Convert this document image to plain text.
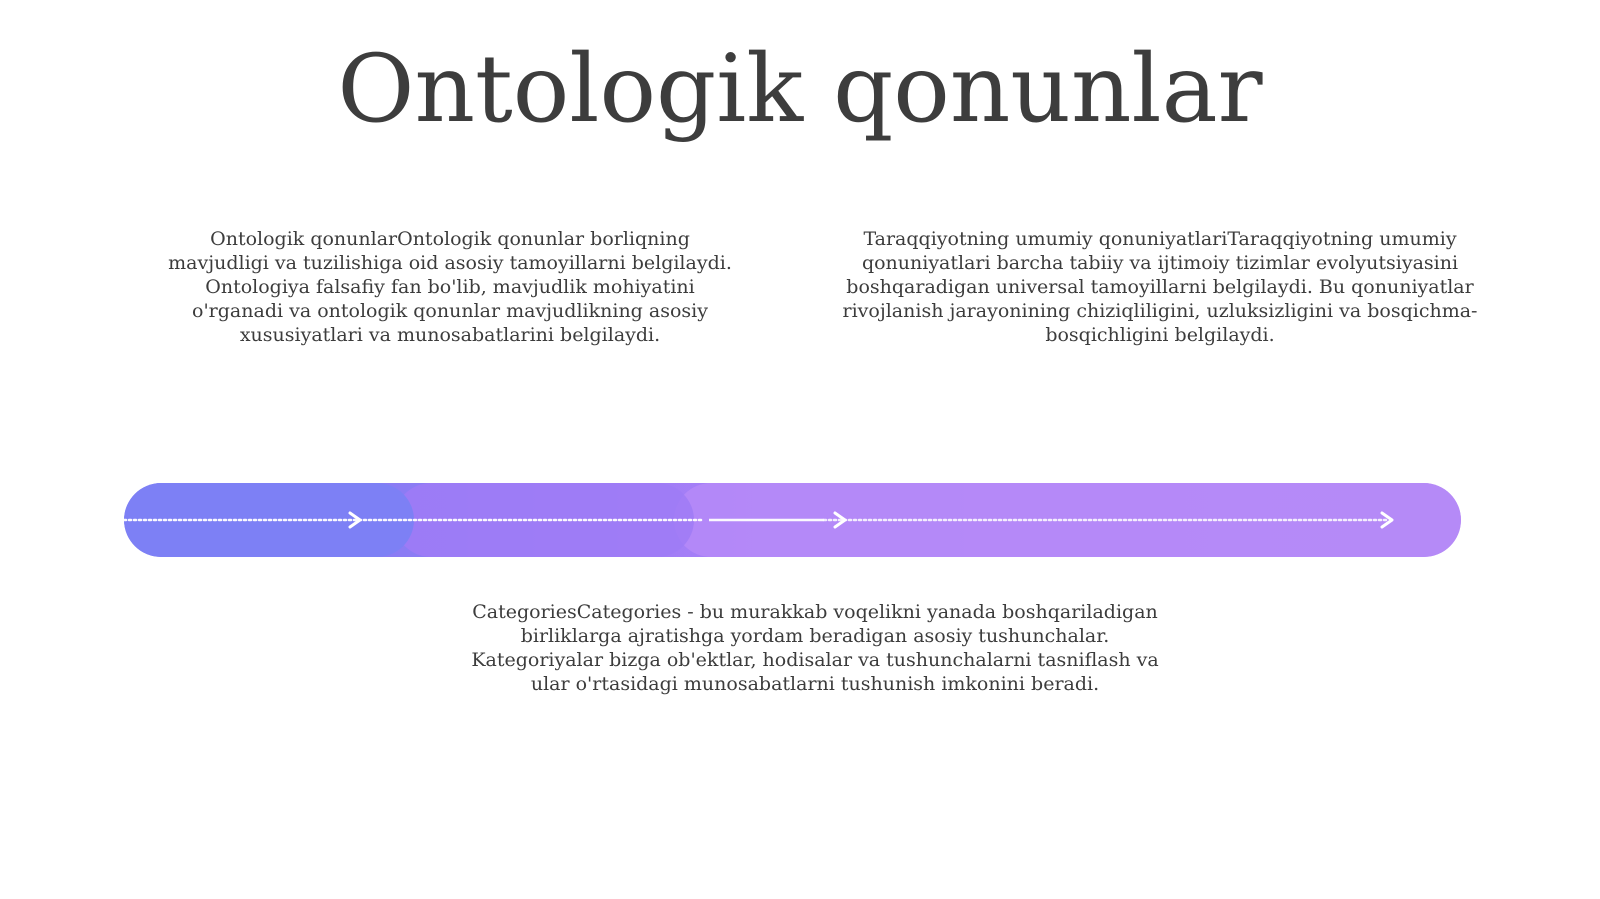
Ontologik qonunlar
Ontologik qonunlarOntologik qonunlar borliqning mavjudligi va tuzilishiga oid asosiy tamoyillarni belgilaydi. Ontologiya falsafiy fan bo'lib, mavjudlik mohiyatini o'rganadi va ontologik qonunlar mavjudlikning asosiy xususiyatlari va munosabatlarini belgilaydi.
Taraqqiyotning umumiy qonuniyatlariTaraqqiyotning umumiy qonuniyatlari barcha tabiiy va ijtimoiy tizimlar evolyutsiyasini boshqaradigan universal tamoyillarni belgilaydi. Bu qonuniyatlar rivojlanish jarayonining chiziqliligini, uzluksizligini va bosqichma-bosqichligini belgilaydi.
CategoriesCategories - bu murakkab voqelikni yanada boshqariladigan birliklarga ajratishga yordam beradigan asosiy tushunchalar. Kategoriyalar bizga ob'ektlar, hodisalar va tushunchalarni tasniflash va ular o'rtasidagi munosabatlarni tushunish imkonini beradi.
